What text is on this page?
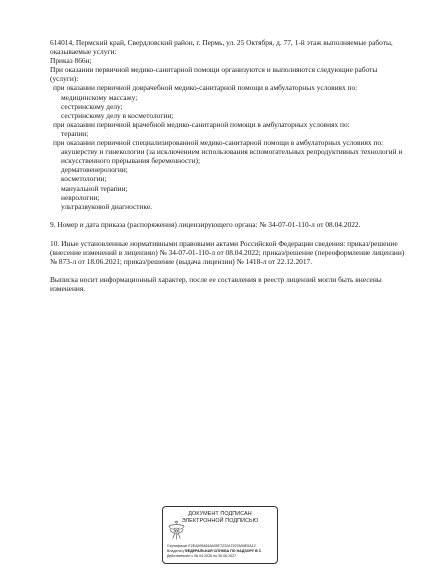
614014, Пермский край, Свердловский район, г. Пермь, ул. 25 Октября, д. 77, 1-й этаж выполняемые работы, оказываемые услуги:

Приказ 866н;

При оказании первичной медико-санитарной помощи организуются и выполняются следующие работы (услуги):

при оказании первичной доврачебной медико-санитарной помощи в амбулаторных условиях по:

медицинскому массажу;

сестринскому делу;

сестринскому делу в косметологии;

при оказании первичной врачебной медико-санитарной помощи в амбулаторных условиях по:

терапии;

при оказании первичной специализированной медико-санитарной помощи в амбулаторных условиях по:

акушерству и гинекологии (за исключением использования вспомогательных репродуктивных технологий и искусственного прерывания беременности);

дерматовенерологии;

косметологии;

мануальной терапии;

неврологии;

ультразвуковой диагностике.

9. Номер и дата приказа (распоряжения) лицензирующего органа: № 34-07-01-110-л от 08.04.2022.

10. Иные установленные нормативными правовыми актами Российской Федерации сведения: приказ/решение (внесение изменений в лицензию) № 34-07-01-110-л от 08.04.2022; приказ/решение (переоформление лицензии) № 873-л от 18.06.2021; приказ/решение (выдача лицензии) № 1418-л от 22.12.2017.

Выписка носит информационный характер, после ее составления в реестр лицензий могли быть внесены изменения.

ДОКУМЕНТ ПОДПИСАН
ЭЛЕКТРОННОЙ ПОДПИСЬЮ
Сертификат E2EA5954818A35F7222A72978A5E0A12
Владелец ФЕДЕРАЛЬНАЯ СЛУЖБА ПО НАДЗОРУ В С
Действителен с 06.04.2026 по 30.06.2027
